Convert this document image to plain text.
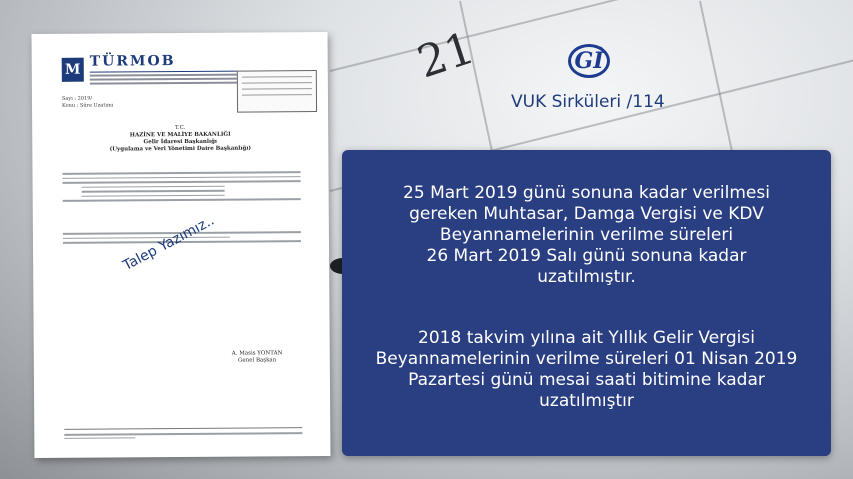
21
M
TÜRMOB
Sayı : 2019/
Konu : Süre Uzatımı
T.C.
HAZİNE VE MALİYE BAKANLIĞI
Gelir İdaresi Başkanlığı
(Uygulama ve Veri Yönetimi Daire Başkanlığı)
A. Masis YONTAN
Genel Başkan
Talep Yazımız..
Gİ
VUK Sirküleri /114
25 Mart 2019 günü sonuna kadar verilmesi
gereken Muhtasar, Damga Vergisi ve KDV
Beyannamelerinin verilme süreleri
26 Mart 2019 Salı günü sonuna kadar
uzatılmıştır.
2018 takvim yılına ait Yıllık Gelir Vergisi
Beyannamelerinin verilme süreleri 01 Nisan 2019
Pazartesi günü mesai saati bitimine kadar
uzatılmıştır
